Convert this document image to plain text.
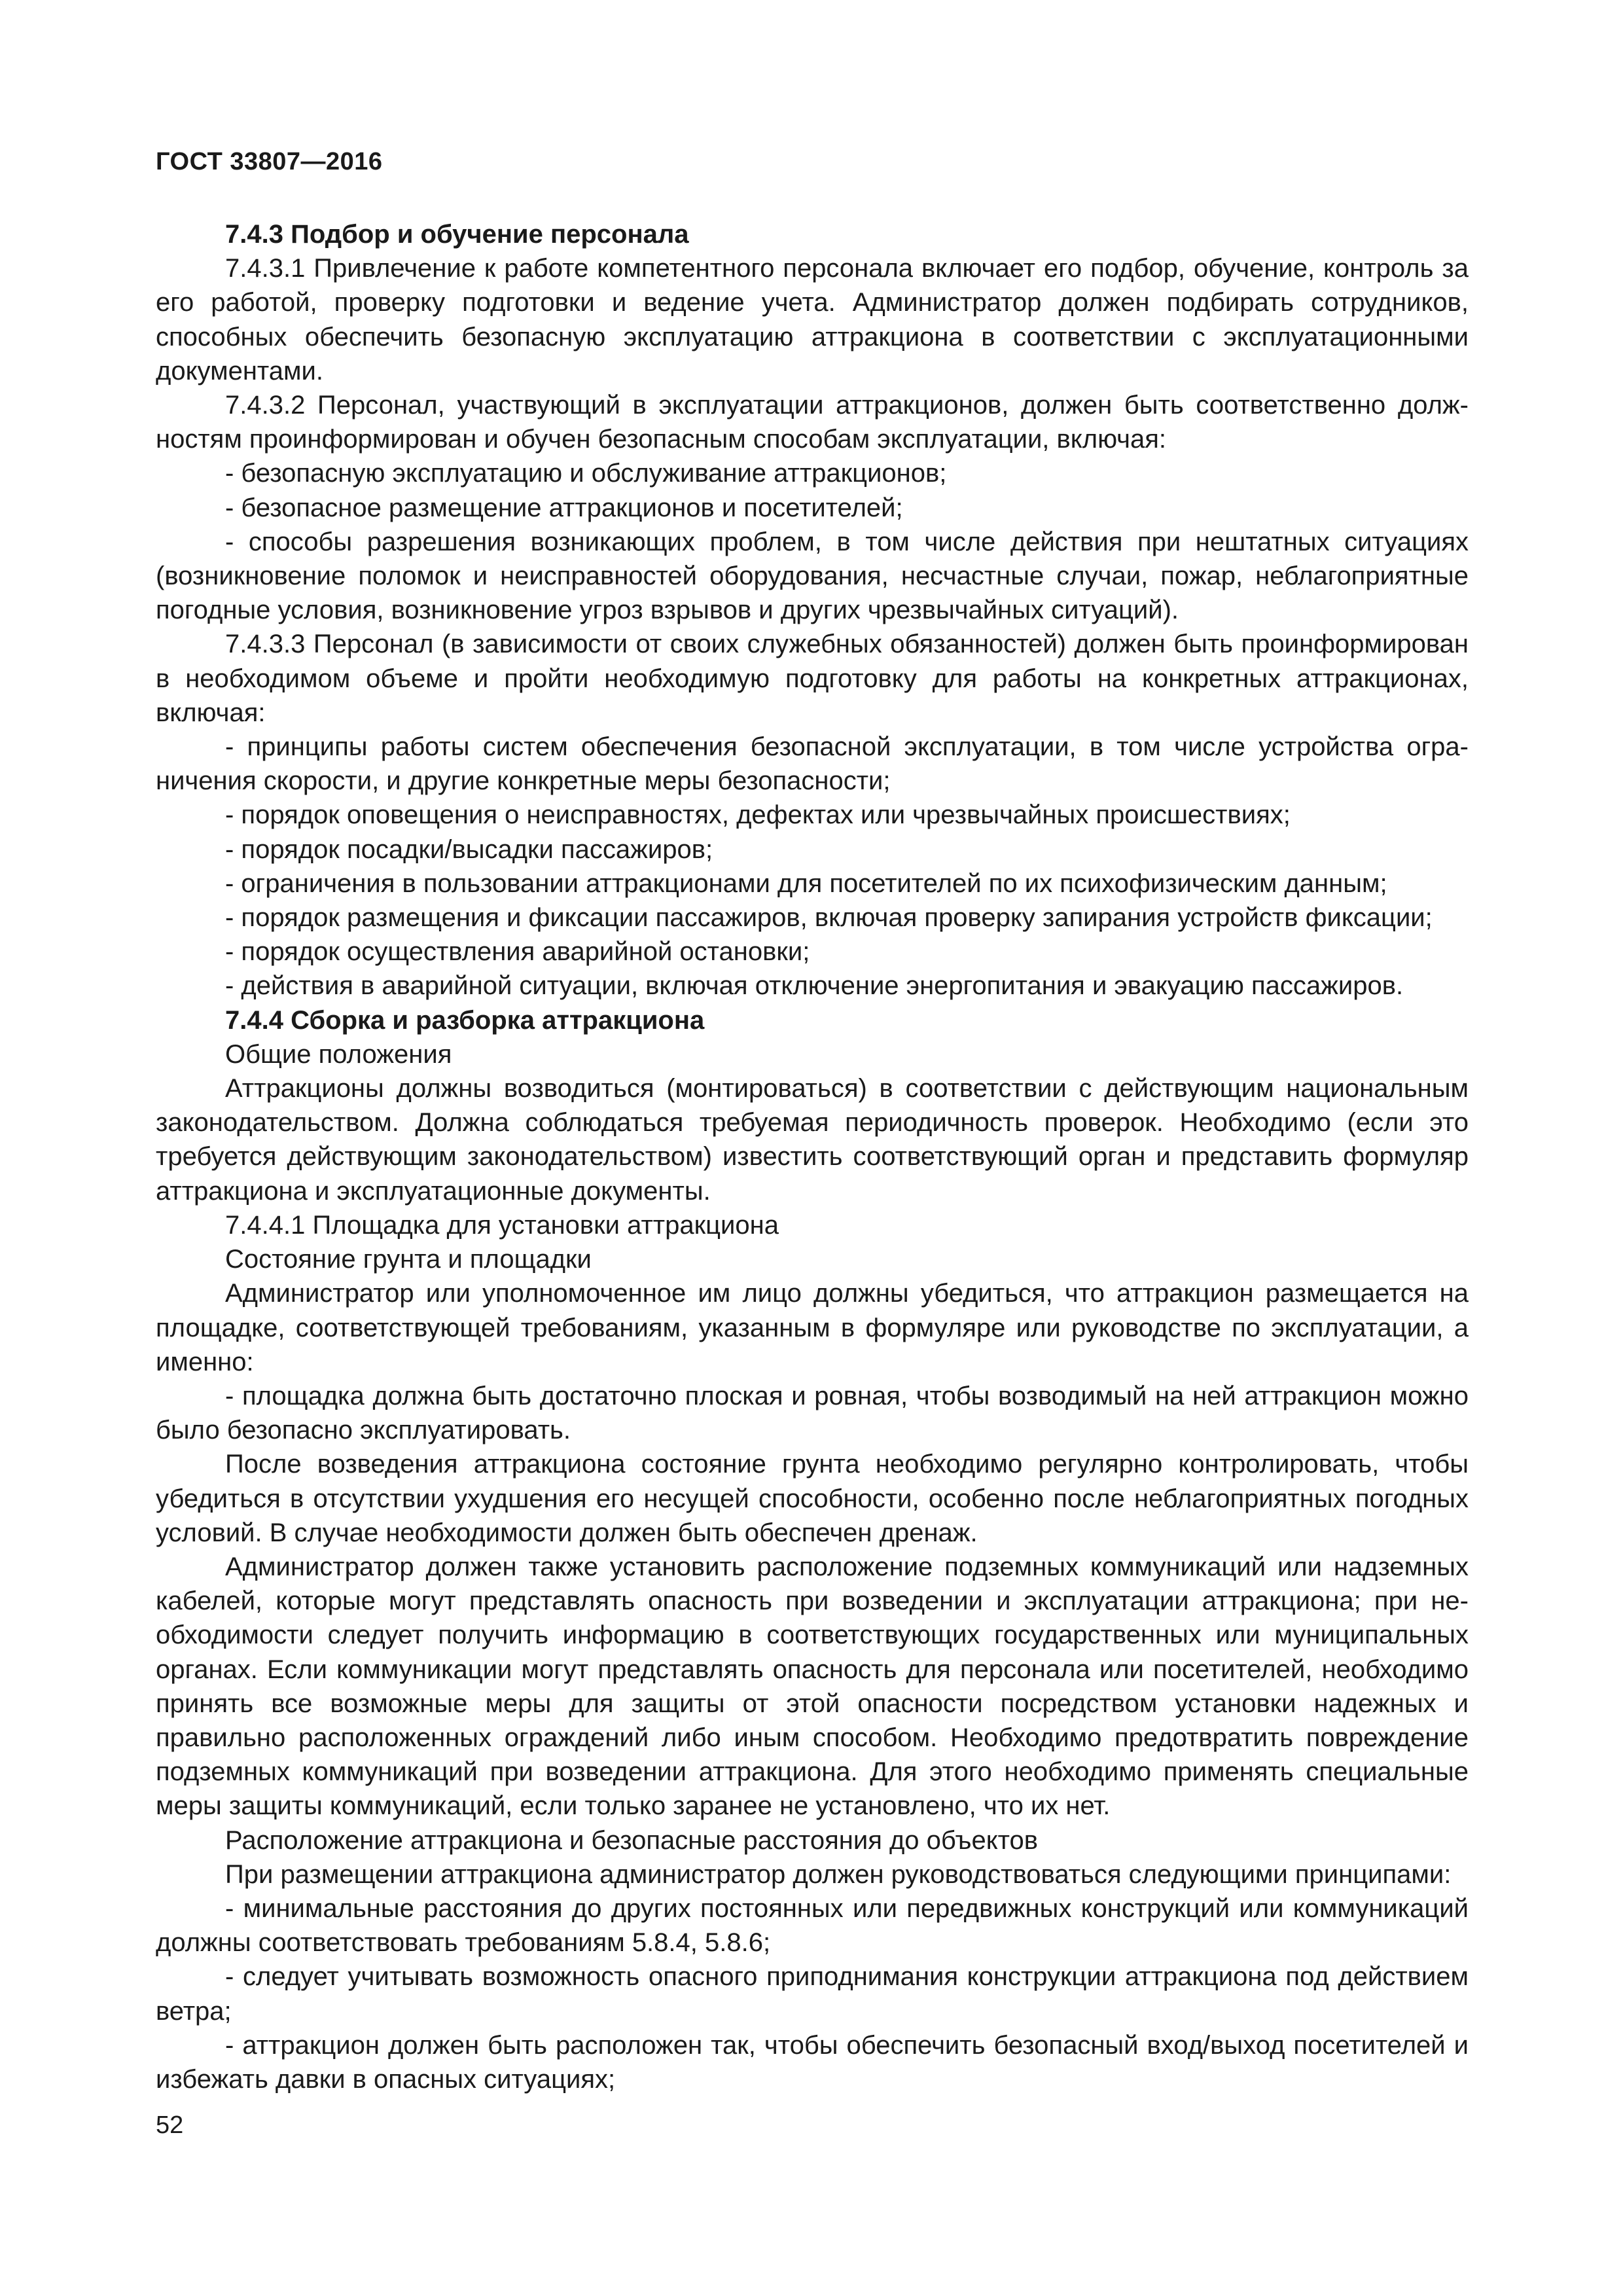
ГОСТ 33807—2016

7.4.3 Подбор и обучение персонала

7.4.3.1 Привлечение к работе компетентного персонала включает его подбор, обучение, контроль за его работой, проверку подготовки и ведение учета. Администратор должен подбирать сотрудников, способных обеспечить безопасную эксплуатацию аттракциона в соответствии с эксплуатационными документами.

7.4.3.2 Персонал, участвующий в эксплуатации аттракционов, должен быть соответственно должностям проинформирован и обучен безопасным способам эксплуатации, включая:

- безопасную эксплуатацию и обслуживание аттракционов;

- безопасное размещение аттракционов и посетителей;

- способы разрешения возникающих проблем, в том числе действия при нештатных ситуациях (возникновение поломок и неисправностей оборудования, несчастные случаи, пожар, неблагоприятные погодные условия, возникновение угроз взрывов и других чрезвычайных ситуаций).

7.4.3.3 Персонал (в зависимости от своих служебных обязанностей) должен быть проинформирован в необходимом объеме и пройти необходимую подготовку для работы на конкретных аттракционах, включая:

- принципы работы систем обеспечения безопасной эксплуатации, в том числе устройства ограничения скорости, и другие конкретные меры безопасности;

- порядок оповещения о неисправностях, дефектах или чрезвычайных происшествиях;

- порядок посадки/высадки пассажиров;

- ограничения в пользовании аттракционами для посетителей по их психофизическим данным;

- порядок размещения и фиксации пассажиров, включая проверку запирания устройств фиксации;

- порядок осуществления аварийной остановки;

- действия в аварийной ситуации, включая отключение энергопитания и эвакуацию пассажиров.

7.4.4 Сборка и разборка аттракциона

Общие положения

Аттракционы должны возводиться (монтироваться) в соответствии с действующим национальным законодательством. Должна соблюдаться требуемая периодичность проверок. Необходимо (если это требуется действующим законодательством) известить соответствующий орган и представить формуляр аттракциона и эксплуатационные документы.

7.4.4.1 Площадка для установки аттракциона

Состояние грунта и площадки

Администратор или уполномоченное им лицо должны убедиться, что аттракцион размещается на площадке, соответствующей требованиям, указанным в формуляре или руководстве по эксплуатации, а именно:

- площадка должна быть достаточно плоская и ровная, чтобы возводимый на ней аттракцион можно было безопасно эксплуатировать.

После возведения аттракциона состояние грунта необходимо регулярно контролировать, чтобы убедиться в отсутствии ухудшения его несущей способности, особенно после неблагоприятных погодных условий. В случае необходимости должен быть обеспечен дренаж.

Администратор должен также установить расположение подземных коммуникаций или надземных кабелей, которые могут представлять опасность при возведении и эксплуатации аттракциона; при необходимости следует получить информацию в соответствующих государственных или муниципальных органах. Если коммуникации могут представлять опасность для персонала или посетителей, необходимо принять все возможные меры для защиты от этой опасности посредством установки надежных и правильно расположенных ограждений либо иным способом. Необходимо предотвратить повреждение подземных коммуникаций при возведении аттракциона. Для этого необходимо применять специальные меры защиты коммуникаций, если только заранее не установлено, что их нет.

Расположение аттракциона и безопасные расстояния до объектов

При размещении аттракциона администратор должен руководствоваться следующими принципами:

- минимальные расстояния до других постоянных или передвижных конструкций или коммуникаций должны соответствовать требованиям 5.8.4, 5.8.6;

- следует учитывать возможность опасного приподнимания конструкции аттракциона под действием ветра;

- аттракцион должен быть расположен так, чтобы обеспечить безопасный вход/выход посетителей и избежать давки в опасных ситуациях;

52
